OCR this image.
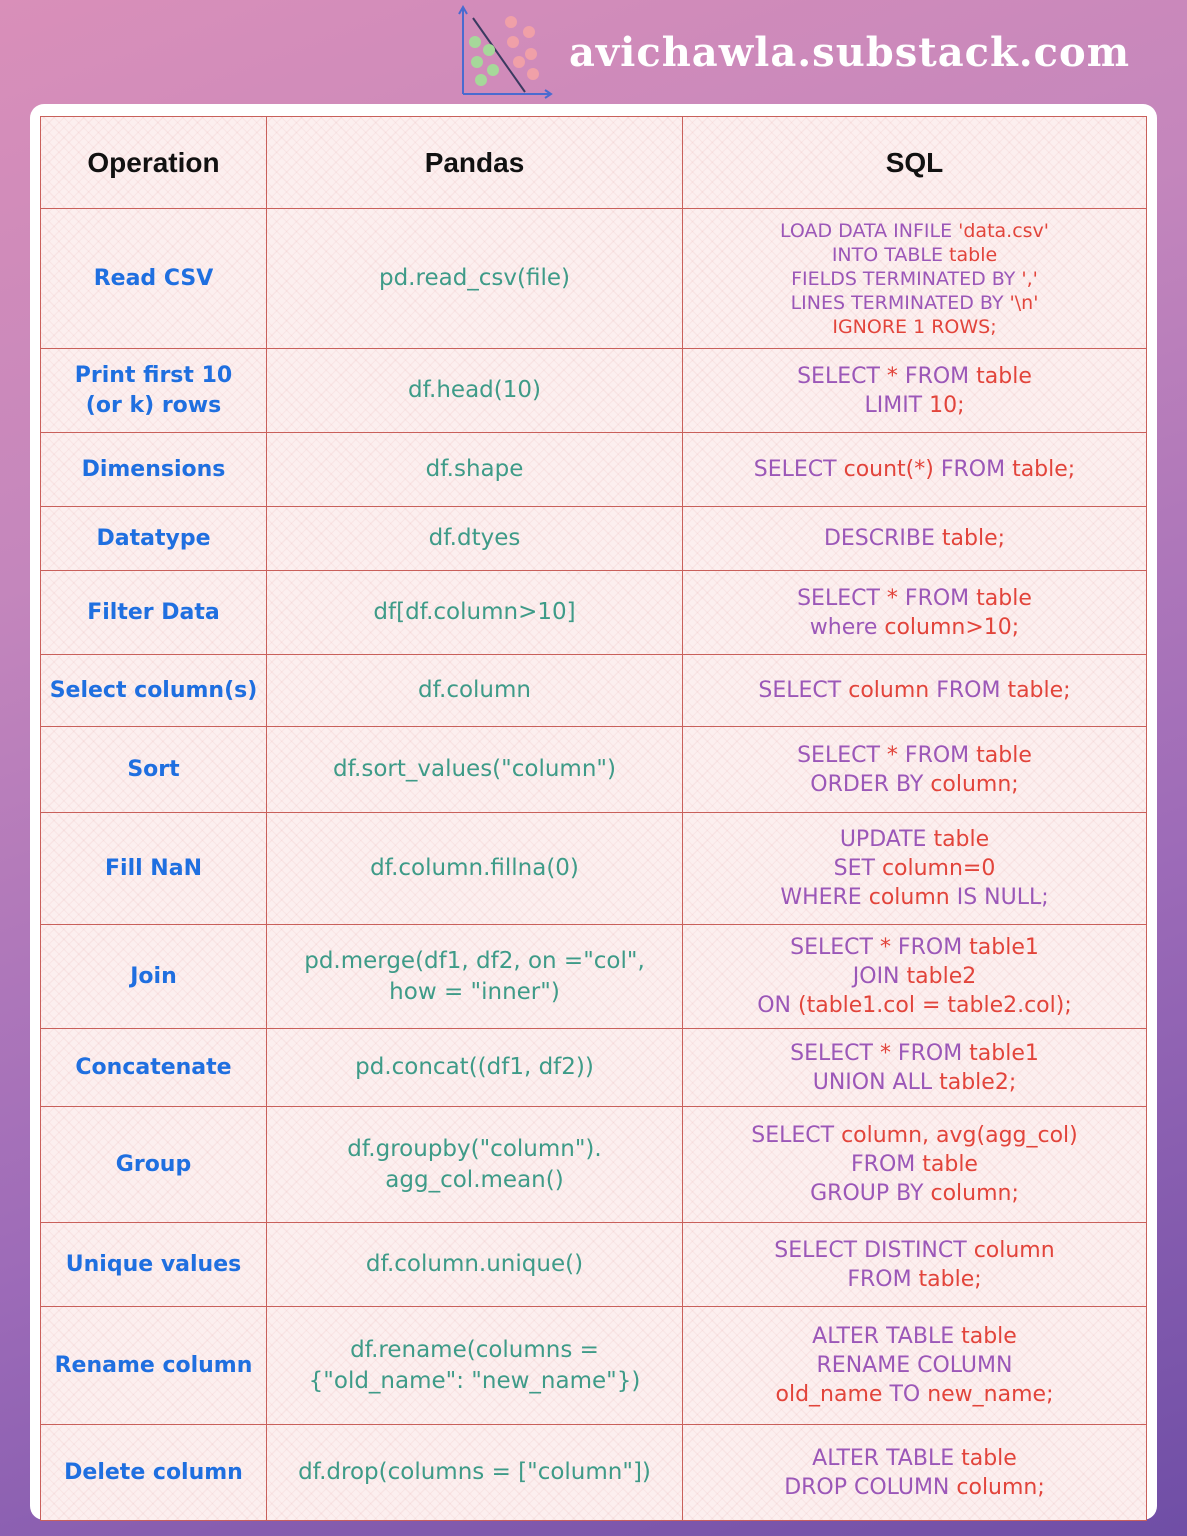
avichawla.substack.com
Operation	Pandas	SQL

Read CSV	pd.read_csv(file)	LOAD DATA INFILE 'data.csv'
INTO TABLE table
FIELDS TERMINATED BY ','
LINES TERMINATED BY '\n'
IGNORE 1 ROWS;

Print first 10
(or k) rows	df.head(10)	SELECT * FROM table
LIMIT 10;

Dimensions	df.shape	SELECT count(*) FROM table;

Datatype	df.dtyes	DESCRIBE table;

Filter Data	df[df.column>10]	SELECT * FROM table
where column>10;

Select column(s)	df.column	SELECT column FROM table;

Sort	df.sort_values("column")	SELECT * FROM table
ORDER BY column;

Fill NaN	df.column.fillna(0)	UPDATE table
SET column=0
WHERE column IS NULL;

Join	pd.merge(df1, df2, on ="col",
how = "inner")	SELECT * FROM table1
JOIN table2
ON (table1.col = table2.col);

Concatenate	pd.concat((df1, df2))	SELECT * FROM table1
UNION ALL table2;

Group	df.groupby("column").
agg_col.mean()	SELECT column, avg(agg_col)
FROM table
GROUP BY column;

Unique values	df.column.unique()	SELECT DISTINCT column
FROM table;

Rename column	df.rename(columns =
{"old_name": "new_name"})	ALTER TABLE table
RENAME COLUMN
old_name TO new_name;

Delete column	df.drop(columns = ["column"])	ALTER TABLE table
DROP COLUMN column;
